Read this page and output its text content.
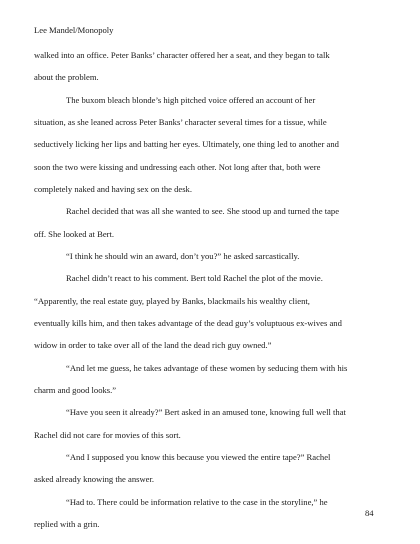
Lee Mandel/Monopoly
walked into an office. Peter Banks’ character offered her a seat, and they began to talk
about the problem.
The buxom bleach blonde’s high pitched voice offered an account of her
situation, as she leaned across Peter Banks’ character several times for a tissue, while
seductively licking her lips and batting her eyes. Ultimately, one thing led to another and
soon the two were kissing and undressing each other. Not long after that, both were
completely naked and having sex on the desk.
Rachel decided that was all she wanted to see. She stood up and turned the tape
off. She looked at Bert.
“I think he should win an award, don’t you?” he asked sarcastically.
Rachel didn’t react to his comment. Bert told Rachel the plot of the movie.
“Apparently, the real estate guy, played by Banks, blackmails his wealthy client,
eventually kills him, and then takes advantage of the dead guy’s voluptuous ex-wives and
widow in order to take over all of the land the dead rich guy owned.”
“And let me guess, he takes advantage of these women by seducing them with his
charm and good looks.”
“Have you seen it already?” Bert asked in an amused tone, knowing full well that
Rachel did not care for movies of this sort.
“And I supposed you know this because you viewed the entire tape?” Rachel
asked already knowing the answer.
“Had to. There could be information relative to the case in the storyline,” he
replied with a grin.
84
